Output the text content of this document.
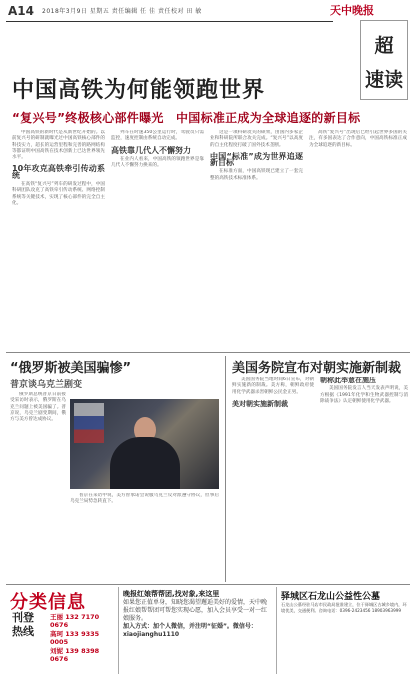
A14 2018年3月9日 星期五 责任编辑 任 佳 责任校对 田 敏	天中晚报
超
速读
中国高铁为何能领跑世界
“复兴号”终极核心部件曝光　中国标准正成为全球追逐的新目标

中国高铁的新时代是从新世纪开始的。以前复兴号的研制就曝光过中国高铁核心部件的科技实力，超长的运营里程和完善的路网结构等都证明中国高铁在技术创新上已达世界领先水平。

10年攻克高铁牵引传动系统

在高铁“复兴号”列车的研发过程中，中国科研团队攻克了高铁牵引传动系统、网络控制系统等关键技术，实现了核心部件的完全自主化。

列车在时速350公里运行时，驾驶员只需监控，速度控制由系统自动完成。

高铁靠几代人不懈努力

在业内人看来，中国高铁的领跑世界是靠几代人不懈努力换来的。

这是一项科研攻关的硕果，由国内多家企业和科研院所联合攻关完成。“复兴号”以高度的自主化程度打破了国外技术垄断。

中国“标准”成为世界追逐新目标

在标准方面，中国高铁现已建立了一套完整的高铁技术标准体系。

高铁“复兴号”出现后已经引起世界多国的关注，有多国表达了合作意向，中国高铁标准正成为全球追逐的新目标。

“俄罗斯被美国骗惨”
普京谈乌克兰剧变

俄罗斯总统普京日前接受采访时表示，俄罗斯在乌克兰问题上被美国骗了。普京说，乌克兰剧变期间，俄方与美方曾达成协议。

普京在采访中说，美方曾承诺会说服乌克兰反对派遵守协议，但事后乌克兰局势急转直下。

美国务院宣布对朝实施新制裁

美国国务院当地时间6日宣布，对朝鲜实施新的制裁。美方称，朝鲜政府使用化学武器杀害朝鲜公民金正男。

美对朝实施新制裁
朝称此举意在施压

美国国务院发言人当天发表声明说，美方根据《1991年化学和生物武器控制与消除战争法》认定朝鲜使用化学武器。

分类信息
刊登
热线
王丽 132 7170 0676
高珂 133 9335 0005
刘妮 139 8398 0676
晚报红娘帮帮团,找对象,来这里
如果您正值单身，知晓您渴望邂逅美好的爱情，天中晚报红娘帮帮团可帮您实现心愿，加入会员享受一对一红娘服务。
加入方式：加个人微信，并注明“征婚”。微信号：xiaojianghu1110
驿城区石龙山公益性公墓
石龙山公墓经驻马店市民政局批准建立，位于驿城区古城乡境内，环境优美，交通便利。咨询电话：0396-2423456 18903963999
